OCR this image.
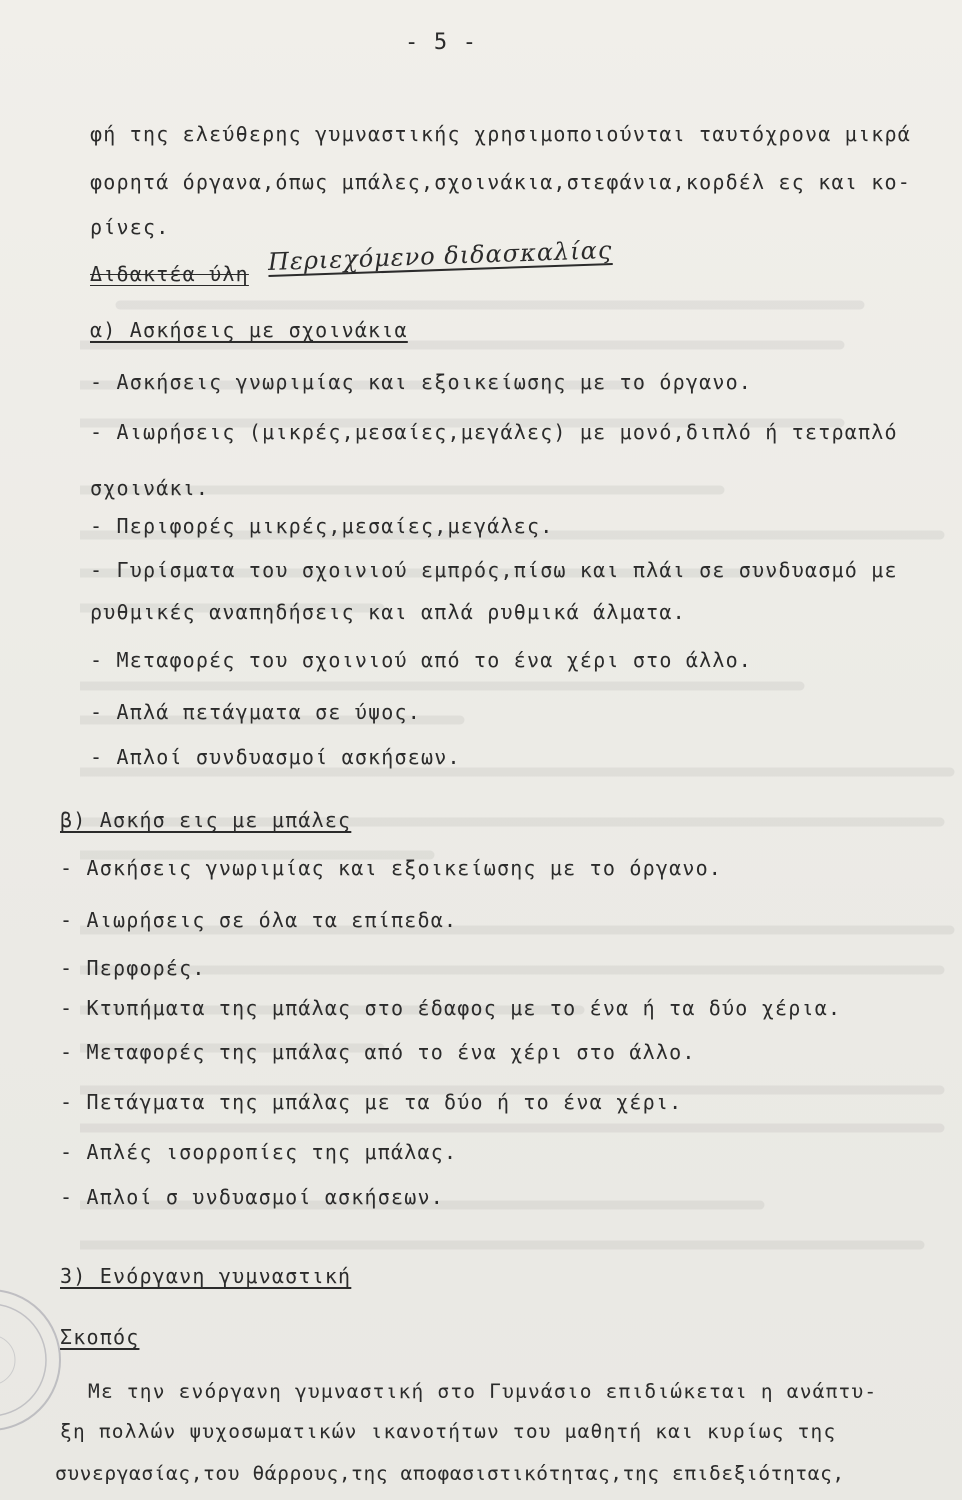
- 5 -
φή της ελεύθερης γυμναστικής χρησιμοποιούνται ταυτόχρονα μικρά
φορητά όργανα,όπως μπάλες,σχοινάκια,στεφάνια,κορδέλ ες και κο-
ρίνες.
Διδακτέα ύλη Περιεχόμενο διδασκαλίας
α) Ασκήσεις με σχοινάκια
- Ασκήσεις γνωριμίας και εξοικείωσης με το όργανο.
- Αιωρήσεις (μικρές,μεσαίες,μεγάλες) με μονό,διπλό ή τετραπλό
σχοινάκι.
- Περιφορές μικρές,μεσαίες,μεγάλες.
- Γυρίσματα του σχοινιού εμπρός,πίσω και πλάι σε συνδυασμό με
ρυθμικές αναπηδήσεις και απλά ρυθμικά άλματα.
- Μεταφορές του σχοινιού από το ένα χέρι στο άλλο.
- Απλά πετάγματα σε ύψος.
- Απλοί συνδυασμοί ασκήσεων.
β) Ασκήσ εις με μπάλες
- Ασκήσεις γνωριμίας και εξοικείωσης με το όργανο.
- Αιωρήσεις σε όλα τα επίπεδα.
- Περφορές.
- Κτυπήματα της μπάλας στο έδαφος με το ένα ή τα δύο χέρια.
- Μεταφορές της μπάλας από το ένα χέρι στο άλλο.
- Πετάγματα της μπάλας με τα δύο ή το ένα χέρι.
- Απλές ισορροπίες της μπάλας.
- Απλοί σ υνδυασμοί ασκήσεων.
3) Ενόργανη γυμναστική
Σκοπός
Με την ενόργανη γυμναστική στο Γυμνάσιο επιδιώκεται η ανάπτυ-
ξη πολλών ψυχοσωματικών ικανοτήτων του μαθητή και κυρίως της
συνεργασίας,του θάρρους,της αποφασιστικότητας,της επιδεξιότητας,
